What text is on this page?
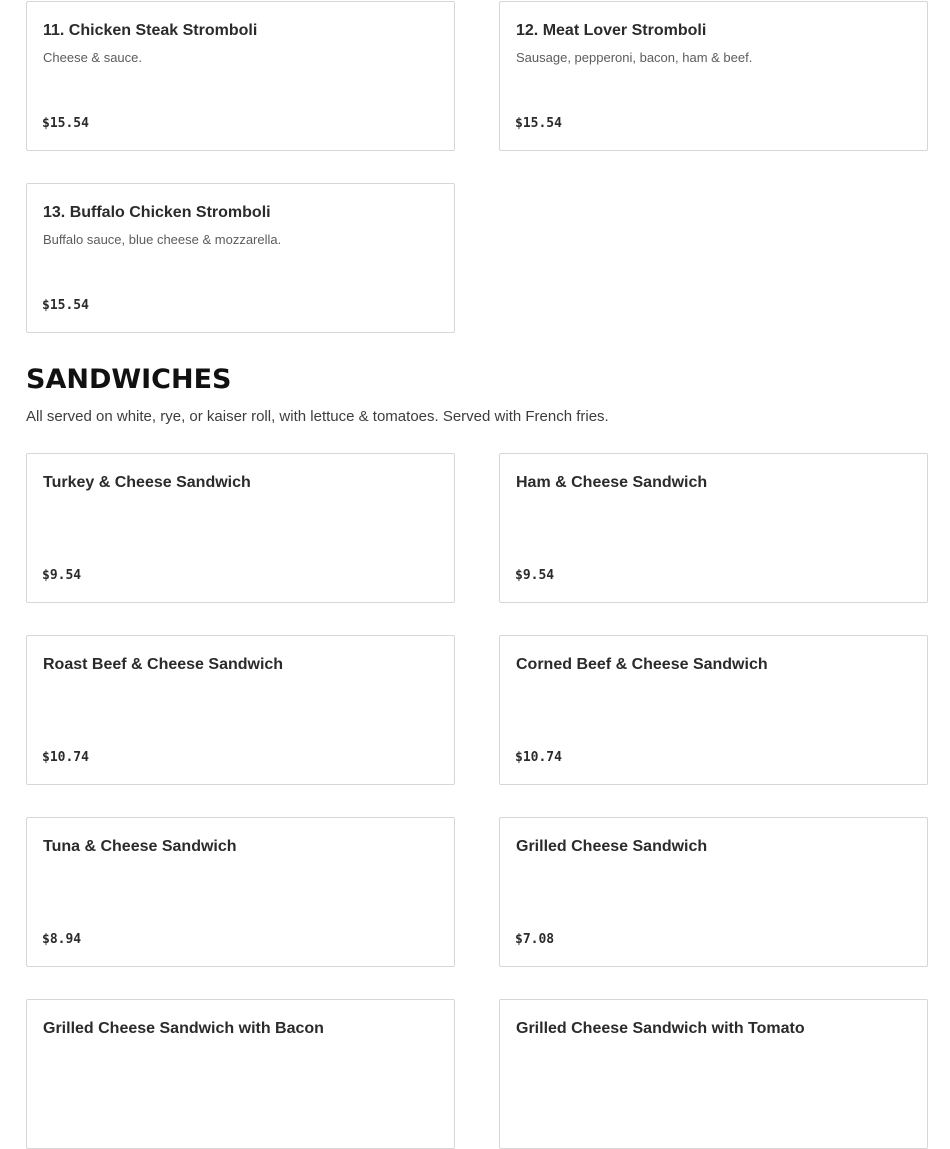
11. Chicken Steak Stromboli
Cheese & sauce.
$15.54
12. Meat Lover Stromboli
Sausage, pepperoni, bacon, ham & beef.
$15.54
13. Buffalo Chicken Stromboli
Buffalo sauce, blue cheese & mozzarella.
$15.54
SANDWICHES
All served on white, rye, or kaiser roll, with lettuce & tomatoes. Served with French fries.
Turkey & Cheese Sandwich
$9.54
Ham & Cheese Sandwich
$9.54
Roast Beef & Cheese Sandwich
$10.74
Corned Beef & Cheese Sandwich
$10.74
Tuna & Cheese Sandwich
$8.94
Grilled Cheese Sandwich
$7.08
Grilled Cheese Sandwich with Bacon	Grilled Cheese Sandwich with Tomato
